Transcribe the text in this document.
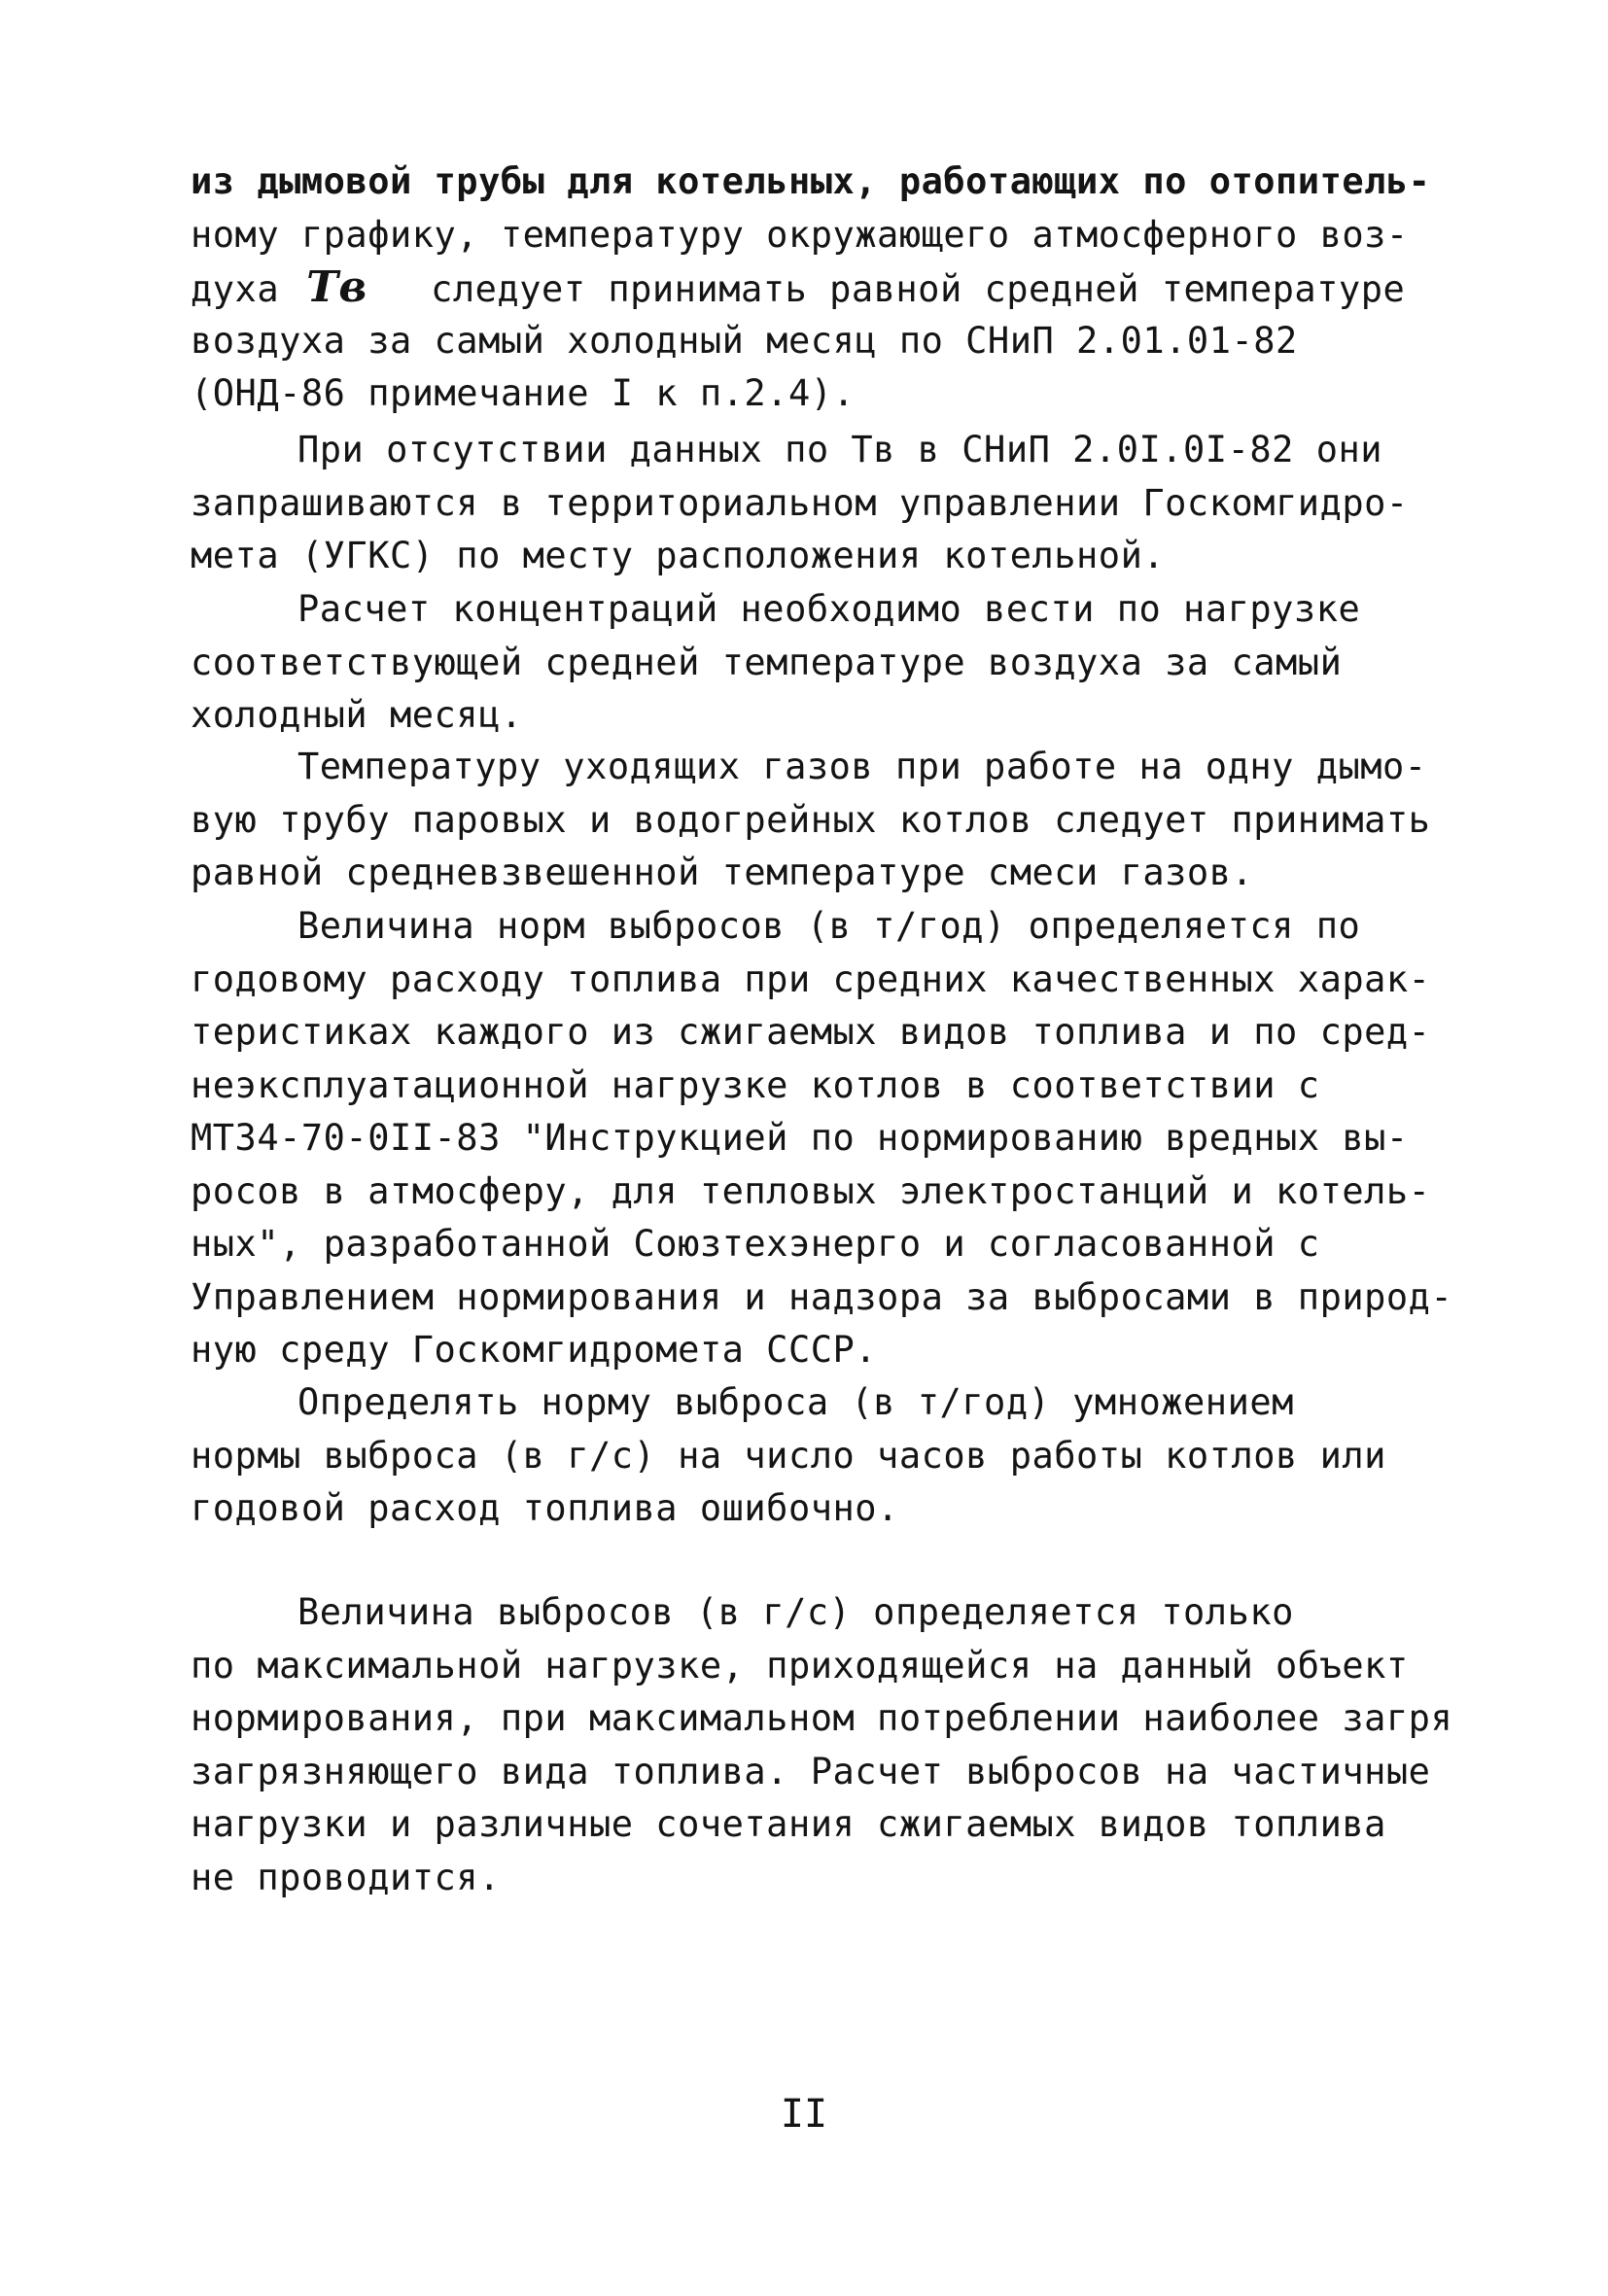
из дымовой трубы для котельных, работающих по отопитель-
ному графику, температуру окружающего атмосферного воз-
духа Тв следует принимать равной средней температуре
воздуха за самый холодный месяц по СНиП 2.01.01-82
(ОНД-86 примечание I к п.2.4).
При отсутствии данных по Тв в СНиП 2.0I.0I-82 они
запрашиваются в территориальном управлении Госкомгидро-
мета (УГКС) по месту расположения котельной.
Расчет концентраций необходимо вести по нагрузке
соответствующей средней температуре воздуха за самый
холодный месяц.
Температуру уходящих газов при работе на одну дымо-
вую трубу паровых и водогрейных котлов следует принимать
равной средневзвешенной температуре смеси газов.
Величина норм выбросов (в т/год) определяется по
годовому расходу топлива при средних качественных харак-
теристиках каждого из сжигаемых видов топлива и по сред-
неэксплуатационной нагрузке котлов в соответствии с
МТ34-70-0II-83 "Инструкцией по нормированию вредных вы-
росов в атмосферу, для тепловых электростанций и котель-
ных", разработанной Союзтехэнерго и согласованной с
Управлением нормирования и надзора за выбросами в природ-
ную среду Госкомгидромета СССР.
Определять норму выброса (в т/год) умножением
нормы выброса (в г/с) на число часов работы котлов или
годовой расход топлива ошибочно.
Величина выбросов (в г/с) определяется только
по максимальной нагрузке, приходящейся на данный объект
нормирования, при максимальном потреблении наиболее загря
загрязняющего вида топлива. Расчет выбросов на частичные
нагрузки и различные сочетания сжигаемых видов топлива
не проводится.
II
